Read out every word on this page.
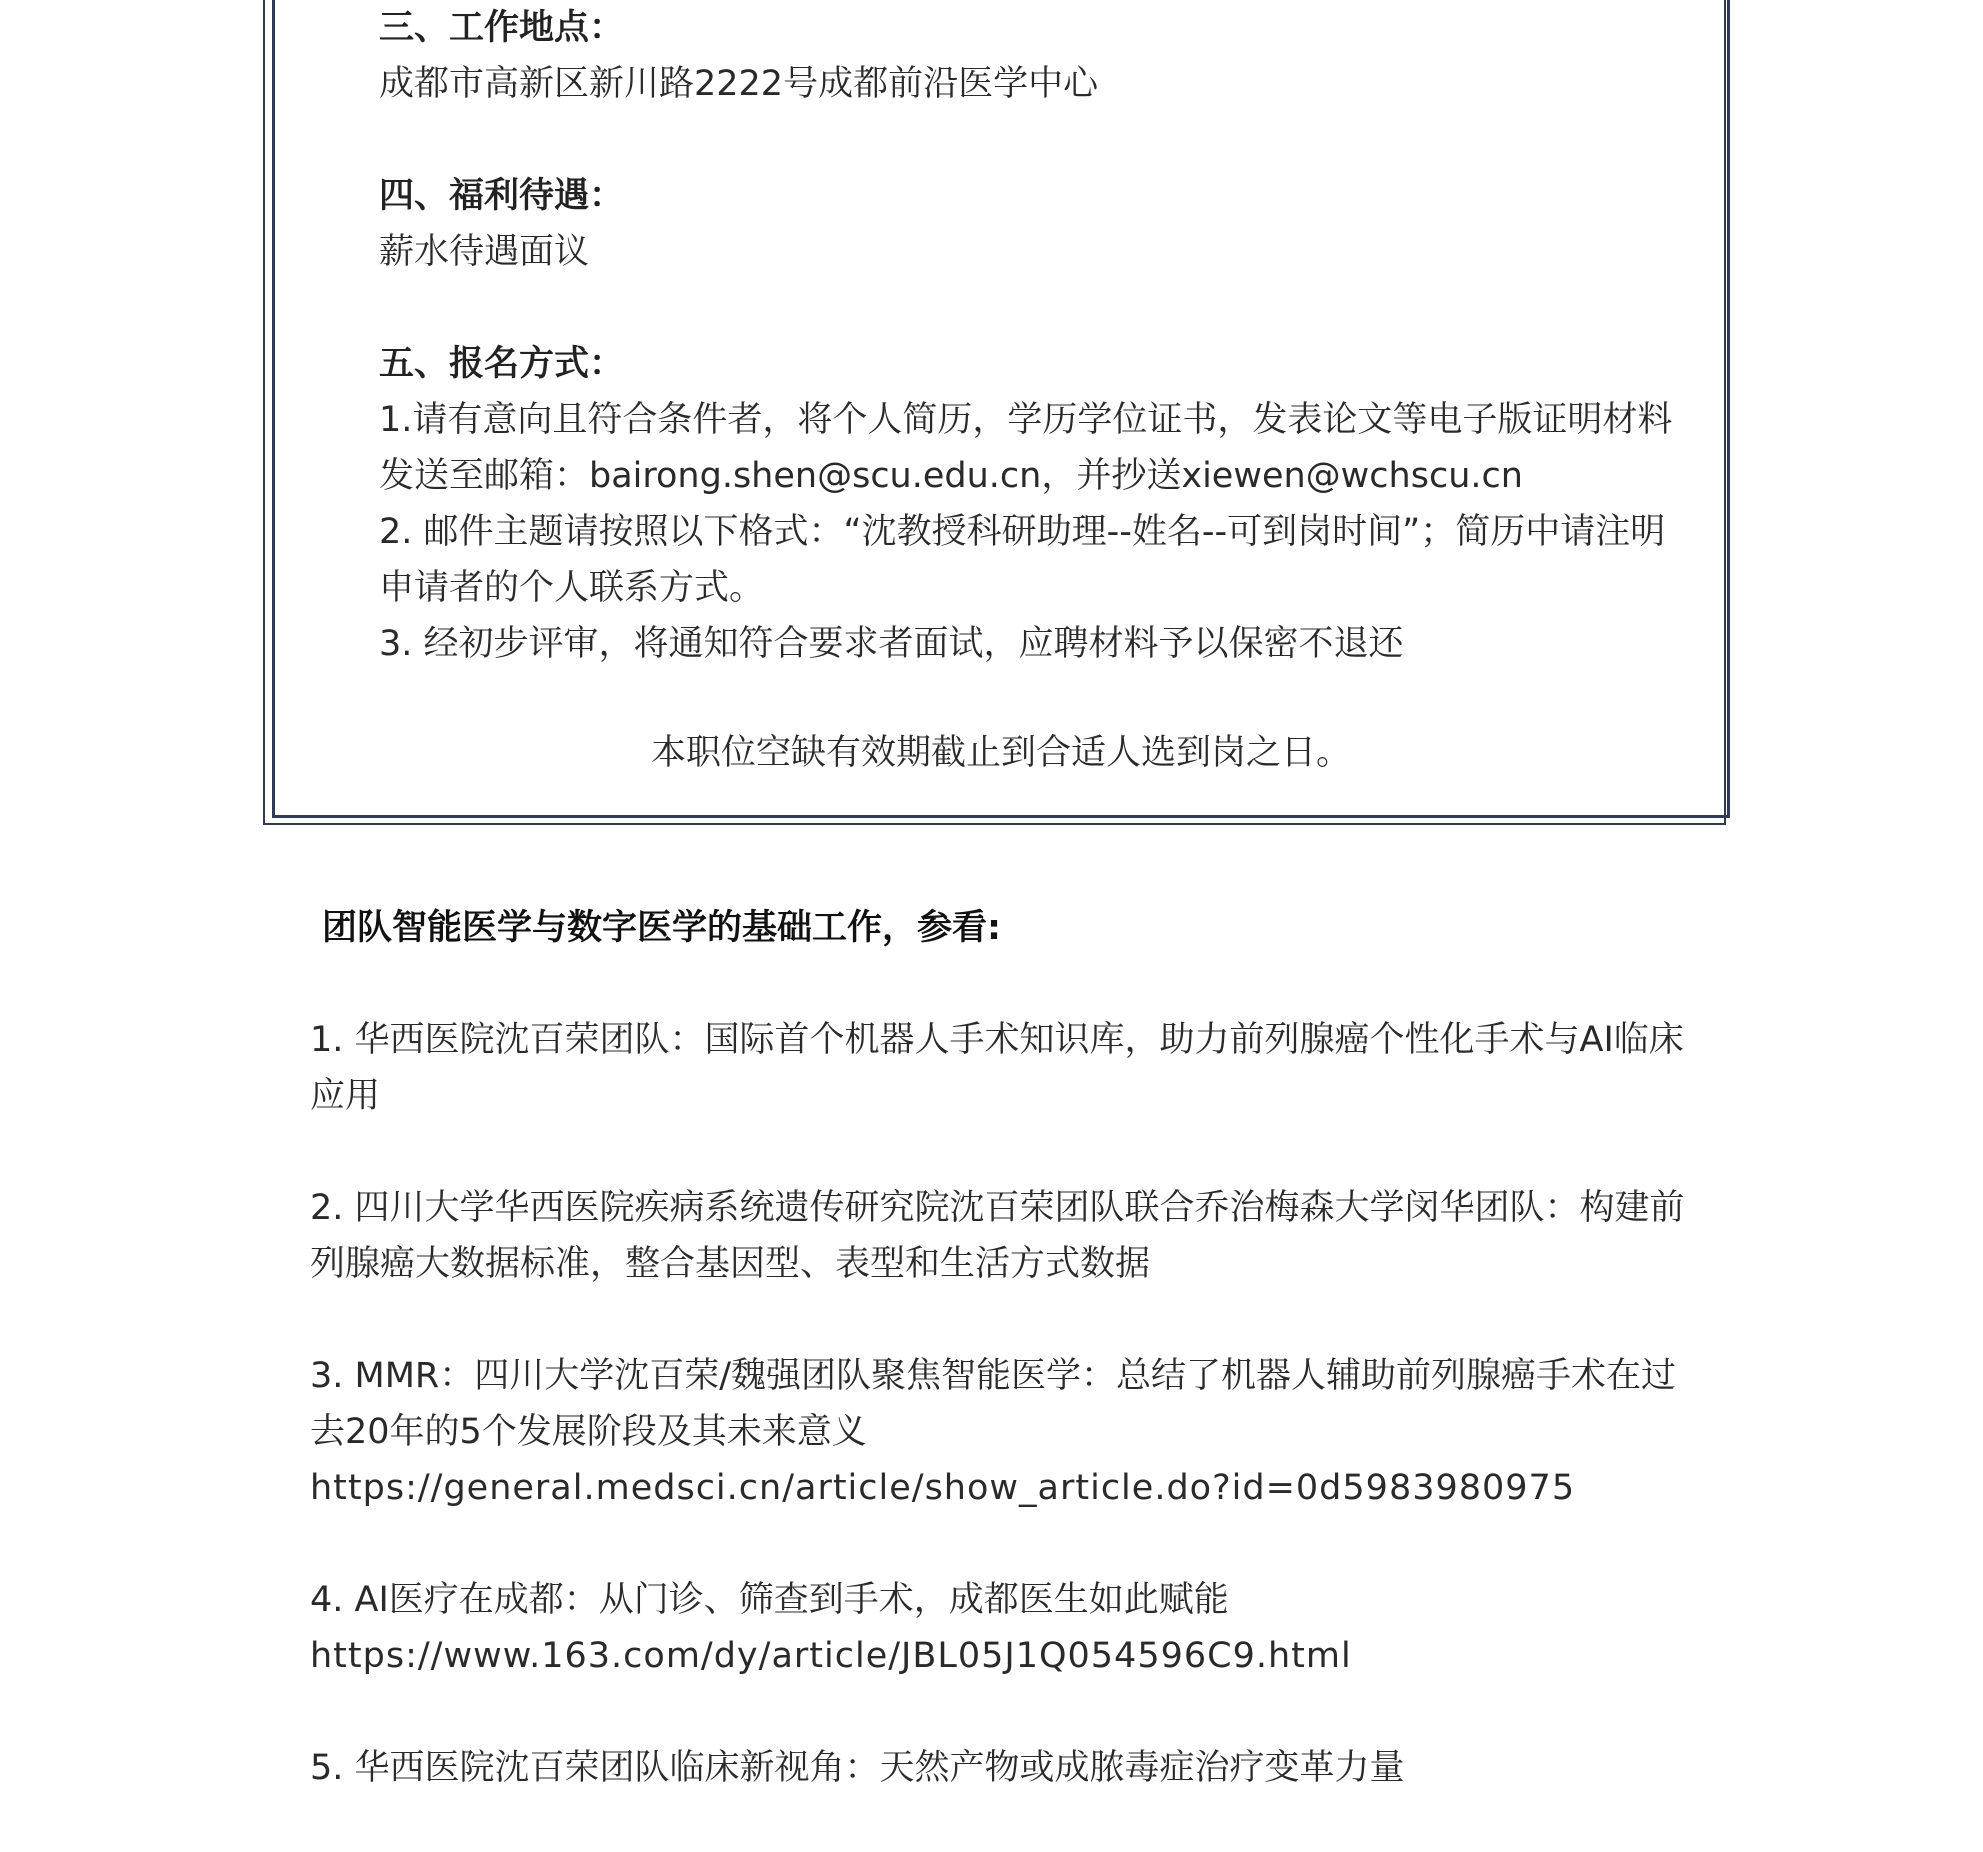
三、工作地点：

成都市高新区新川路2222号成都前沿医学中心

四、福利待遇：

薪水待遇面议

五、报名方式：

1.请有意向且符合条件者，将个人简历，学历学位证书，发表论文等电子版证明材料发送至邮箱：bairong.shen@scu.edu.cn，并抄送xiewen@wchscu.cn

2. 邮件主题请按照以下格式：“沈教授科研助理--姓名--可到岗时间”；简历中请注明申请者的个人联系方式。

3. 经初步评审，将通知符合要求者面试，应聘材料予以保密不退还

本职位空缺有效期截止到合适人选到岗之日。

团队智能医学与数字医学的基础工作，参看:

1. 华西医院沈百荣团队：国际首个机器人手术知识库，助力前列腺癌个性化手术与AI临床应用
2. 四川大学华西医院疾病系统遗传研究院沈百荣团队联合乔治梅森大学闵华团队：构建前列腺癌大数据标准，整合基因型、表型和生活方式数据
3. MMR：四川大学沈百荣/魏强团队聚焦智能医学：总结了机器人辅助前列腺癌手术在过去20年的5个发展阶段及其未来意义
https://general.medsci.cn/article/show_article.do?id=0d5983980975
4. AI医疗在成都：从门诊、筛查到手术，成都医生如此赋能
https://www.163.com/dy/article/JBL05J1Q054596C9.html
5. 华西医院沈百荣团队临床新视角：天然产物或成脓毒症治疗变革力量
